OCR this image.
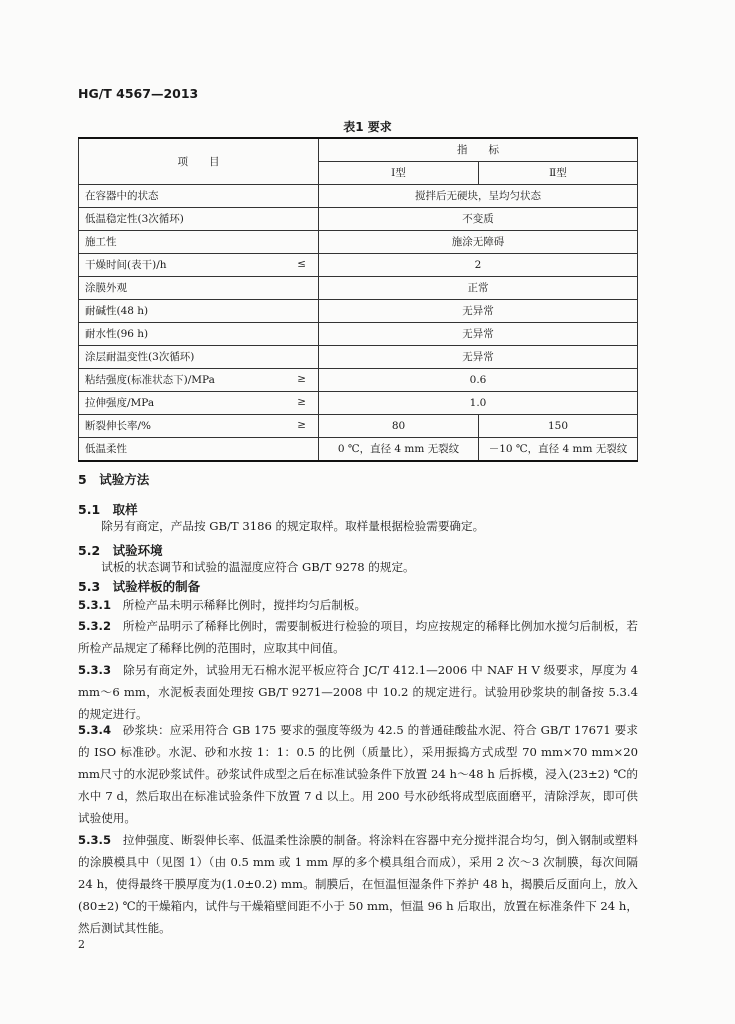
HG/T 4567—2013
表1 要求
项　　目	指　　标	
	Ⅰ型	Ⅱ型
在容器中的状态	搅拌后无硬块，呈均匀状态	
低温稳定性(3次循环)	不变质	
施工性	施涂无障碍	
干燥时间(表干)/h ≤	2	
涂膜外观	正常	
耐碱性(48 h)	无异常	
耐水性(96 h)	无异常	
涂层耐温变性(3次循环)	无异常	
粘结强度(标准状态下)/MPa ≥	0.6	
拉伸强度/MPa ≥	1.0	
断裂伸长率/% ≥	80	150
低温柔性	0 ℃，直径 4 mm 无裂纹	－10 ℃，直径 4 mm 无裂纹
5　 试验方法
5.1　 取样
除另有商定，产品按 GB/T 3186 的规定取样。取样量根据检验需要确定。
5.2　 试验环境
试板的状态调节和试验的温湿度应符合 GB/T 9278 的规定。
5.3　 试验样板的制备
5.3.1　 所检产品未明示稀释比例时，搅拌均匀后制板。
5.3.2　 所检产品明示了稀释比例时，需要制板进行检验的项目，均应按规定的稀释比例加水搅匀后制板，若所检产品规定了稀释比例的范围时，应取其中间值。
5.3.3　 除另有商定外，试验用无石棉水泥平板应符合 JC/T 412.1—2006 中 NAF H V 级要求，厚度为 4 mm～6 mm，水泥板表面处理按 GB/T 9271—2008 中 10.2 的规定进行。试验用砂浆块的制备按 5.3.4 的规定进行。
5.3.4　 砂浆块：应采用符合 GB 175 要求的强度等级为 42.5 的普通硅酸盐水泥、符合 GB/T 17671 要求的 ISO 标准砂。水泥、砂和水按 1：1：0.5 的比例（质量比），采用振捣方式成型 70 mm×70 mm×20 mm尺寸的水泥砂浆试件。砂浆试件成型之后在标准试验条件下放置 24 h～48 h 后拆模，浸入(23±2) ℃的水中 7 d，然后取出在标准试验条件下放置 7 d 以上。用 200 号水砂纸将成型底面磨平，清除浮灰，即可供试验使用。
5.3.5　 拉伸强度、断裂伸长率、低温柔性涂膜的制备。将涂料在容器中充分搅拌混合均匀，倒入钢制或塑料的涂膜模具中（见图 1）（由 0.5 mm 或 1 mm 厚的多个模具组合而成），采用 2 次～3 次制膜，每次间隔 24 h，使得最终干膜厚度为(1.0±0.2) mm。制膜后，在恒温恒湿条件下养护 48 h，揭膜后反面向上，放入(80±2) ℃的干燥箱内，试件与干燥箱壁间距不小于 50 mm，恒温 96 h 后取出，放置在标准条件下 24 h，然后测试其性能。
2
